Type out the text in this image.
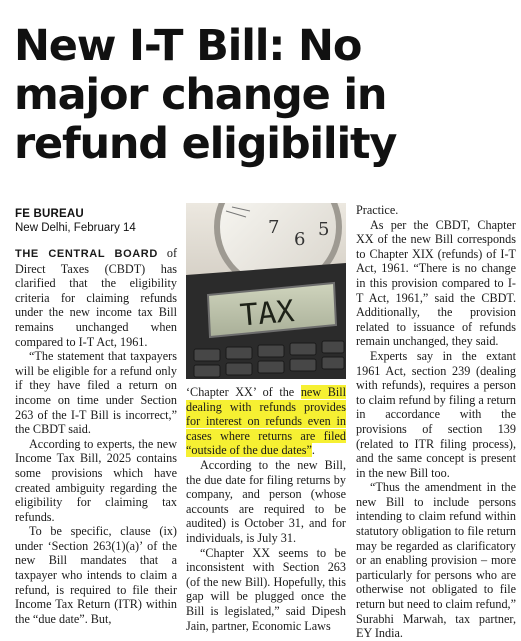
New I-T Bill: No
major change in
refund eligibility
FE BUREAU
New Delhi, February 14

THE CENTRAL BOARD of Direct Taxes (CBDT) has clarified that the eligibility criteria for claiming refunds under the new income tax Bill remains unchanged when compared to I-T Act, 1961.

“The statement that taxpayers will be eligible for a refund only if they have filed a return on income on time under Section 263 of the I-T Bill is incorrect,” the CBDT said.

According to experts, the new Income Tax Bill, 2025 contains some provisions which have created ambiguity regarding the eligibility for claiming tax refunds.

To be specific, clause (ix) under ‘Section 263(1)(a)’ of the new Bill mandates that a taxpayer who intends to claim a refund, is required to file their Income Tax Return (ITR) within the “due date”. But,

7
6 5
TAX

‘Chapter XX’ of the new Bill dealing with refunds provides for interest on refunds even in cases where returns are filed “outside of the due dates”.

According to the new Bill, the due date for filing returns by company, and person (whose accounts are required to be audited) is October 31, and for individuals, is July 31.

“Chapter XX seems to be inconsistent with Section 263 (of the new Bill). Hopefully, this gap will be plugged once the Bill is legislated,” said Dipesh Jain, partner, Economic Laws

Practice.

As per the CBDT, Chapter XX of the new Bill corresponds to Chapter XIX (refunds) of I-T Act, 1961. “There is no change in this provision compared to I-T Act, 1961,” said the CBDT. Additionally, the provision related to issuance of refunds remain unchanged, they said.

Experts say in the extant 1961 Act, section 239 (dealing with refunds), requires a person to claim refund by filing a return in accordance with the provisions of section 139 (related to ITR filing process), and the same concept is present in the new Bill too.

“Thus the amendment in the new Bill to include persons intending to claim refund within statutory obligation to file return may be regarded as clarificatory or an enabling provision – more particularly for persons who are otherwise not obligated to file return but need to claim refund,” Surabhi Marwah, tax partner, EY India.
